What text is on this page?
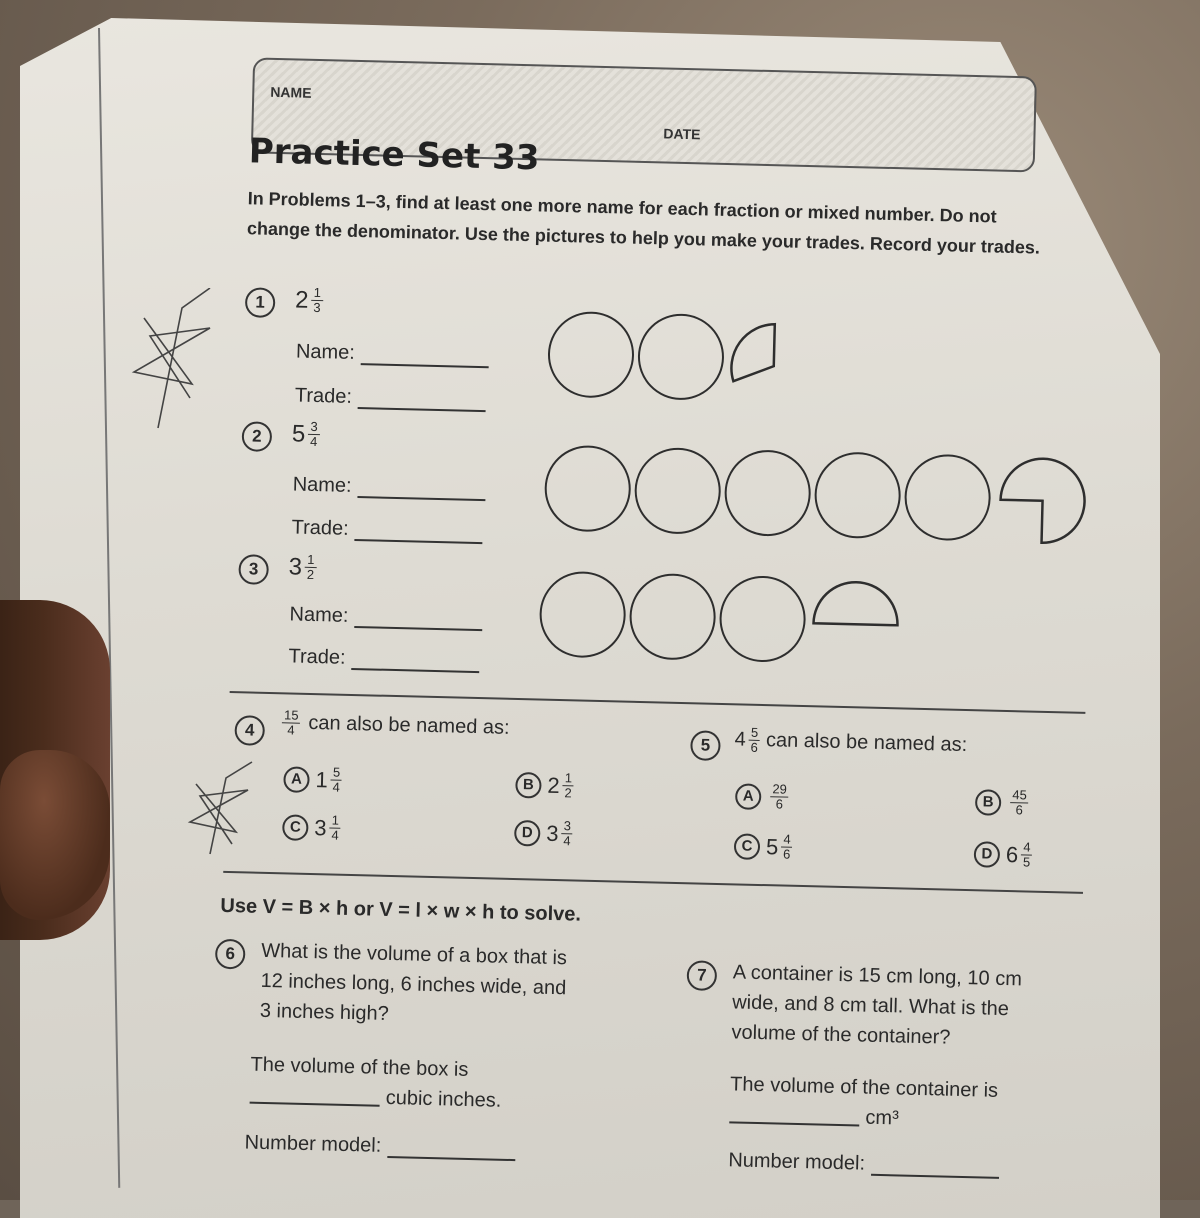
NAME
DATE
Practice Set 33
In Problems 1–3, find at least one more name for each fraction or mixed number. Do not change the denominator. Use the pictures to help you make your trades. Record your trades.
1	$2 \frac{1}{3}$
Name:
Trade:
2	$5 \frac{3}{4}$
Name:
Trade:
3	$3 \frac{1}{2}$
Name:
Trade:
4	$\frac{15}{4}$ can also be named as:
A $1 \frac{5}{4}$	B $2 \frac{1}{2}$
C $3 \frac{1}{4}$	D $3 \frac{3}{4}$
5	$4 \frac{5}{6}$ can also be named as:
A	$\frac{29}{6}$	B	$\frac{45}{6}$
C $5 \frac{4}{6}$	D $6 \frac{4}{5}$
Use V = B × h or V = l × w × h to solve.
6	What is the volume of a box that is
12 inches long, 6 inches wide, and
3 inches high?
The volume of the box is
cubic inches.
Number model:
7	A container is 15 cm long, 10 cm
wide, and 8 cm tall. What is the
volume of the container?
The volume of the container is
cm³
Number model:
